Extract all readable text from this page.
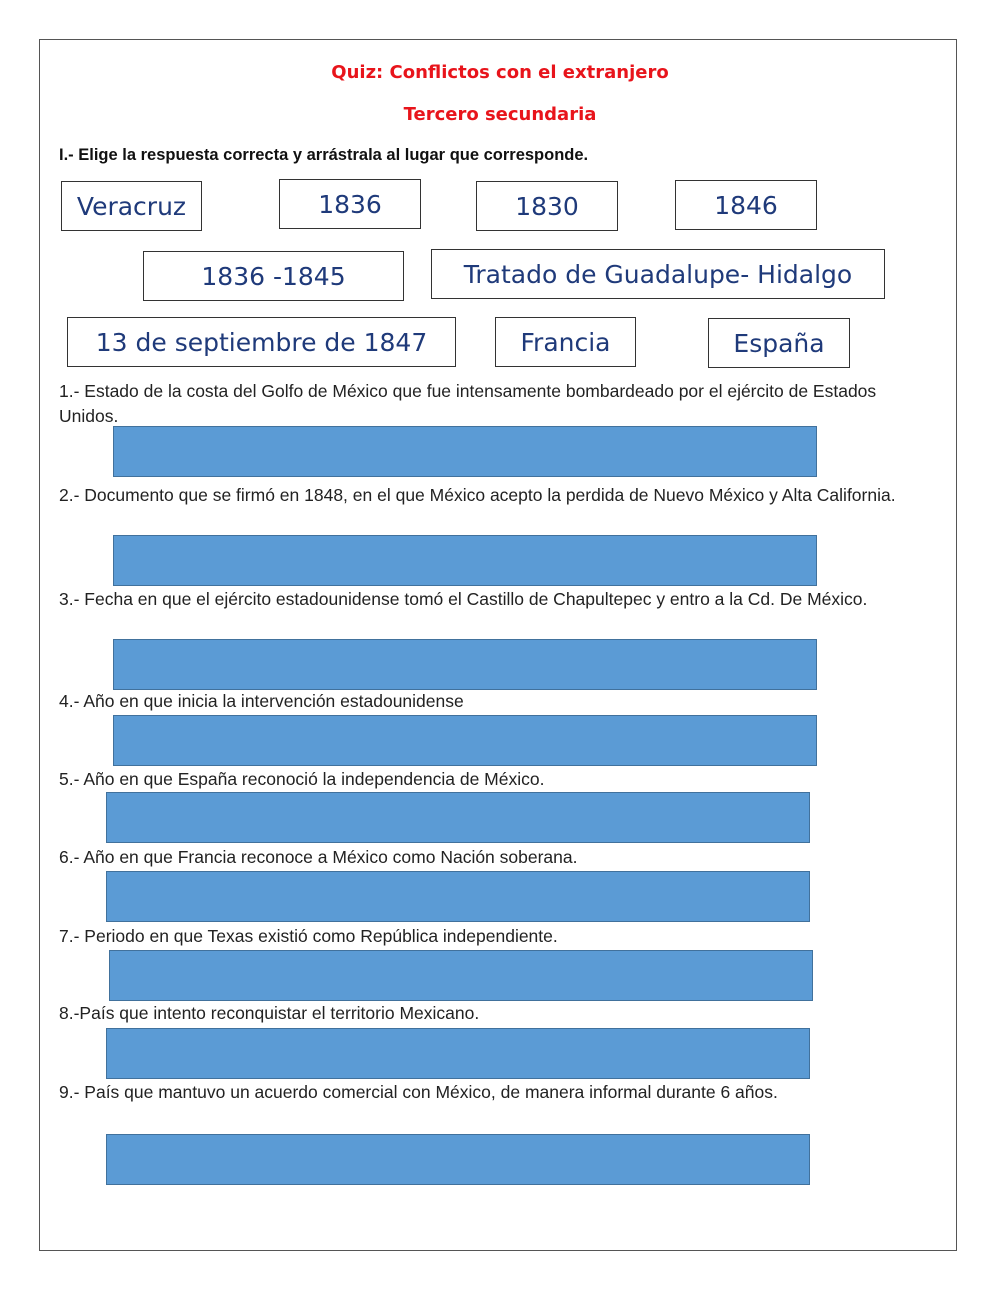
Quiz: Conflictos con el extranjero
Tercero secundaria
I.- Elige la respuesta correcta y arrástrala al lugar que corresponde.
Veracruz	1836	1830	1846
1836 -1845	Tratado de Guadalupe- Hidalgo
13 de septiembre de 1847	Francia	España
1.- Estado de la costa del Golfo de México que fue intensamente bombardeado por el ejército de Estados Unidos.
2.- Documento que se firmó en 1848, en el que México acepto la perdida de Nuevo México y Alta California.
3.- Fecha en que el ejército estadounidense tomó el Castillo de Chapultepec y entro a la Cd. De México.
4.- Año en que inicia la intervención estadounidense
5.- Año en que España reconoció la independencia de México.
6.- Año en que Francia reconoce a México como Nación soberana.
7.- Periodo en que Texas existió como República independiente.
8.-País que intento reconquistar el territorio Mexicano.
9.- País que mantuvo un acuerdo comercial con México, de manera informal durante 6 años.
